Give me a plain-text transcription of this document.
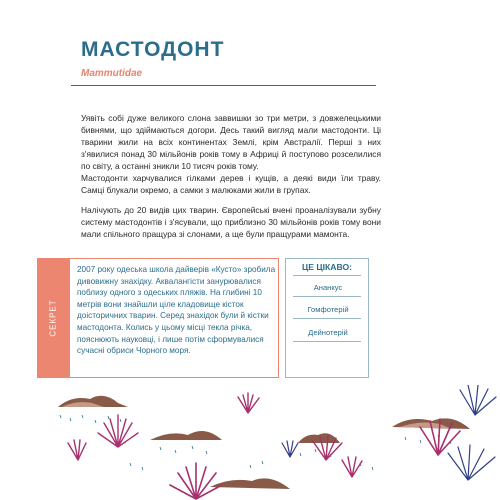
МАСТОДОНТ
Mammutidae

Уявіть собі дуже великого слона заввишки зо три метри, з довжелецькими бивнями, що здіймаються догори. Десь такий вигляд мали мастодонти. Ці тварини жили на всіх континентах Землі, крім Австралії. Перші з них з'явилися понад 30 мільйонів років тому в Африці й поступово розселилися по світу, а останні зникли 10 тисяч років тому.

Мастодонти харчувалися гілками дерев і кущів, а деякі види їли траву. Самці блукали окремо, а самки з малюками жили в групах.

Налічують до 20 видів цих тварин. Європейські вчені проаналізували зубну систему мастодонтів і з'ясували, що приблизно 30 мільйонів років тому вони мали спільного пращура зі слонами, а ще були пращурами мамонта.

СЕКРЕТ

2007 року одеська школа дайверів «Кусто» зробила дивовижну знахідку. Аквалангісти занурювалися поблизу одного з одеських пляжів. На глибині 10 метрів вони знайшли ціле кладовище кісток доісторичних тварин. Серед знахідок були й кістки мастодонта. Колись у цьому місці текла річка, пояснюють науковці, і лише потім сформувалися сучасні обриси Чорного моря.

ЦЕ ЦІКАВО:
Ананкус
Гомфотерій
Дейнотерій
